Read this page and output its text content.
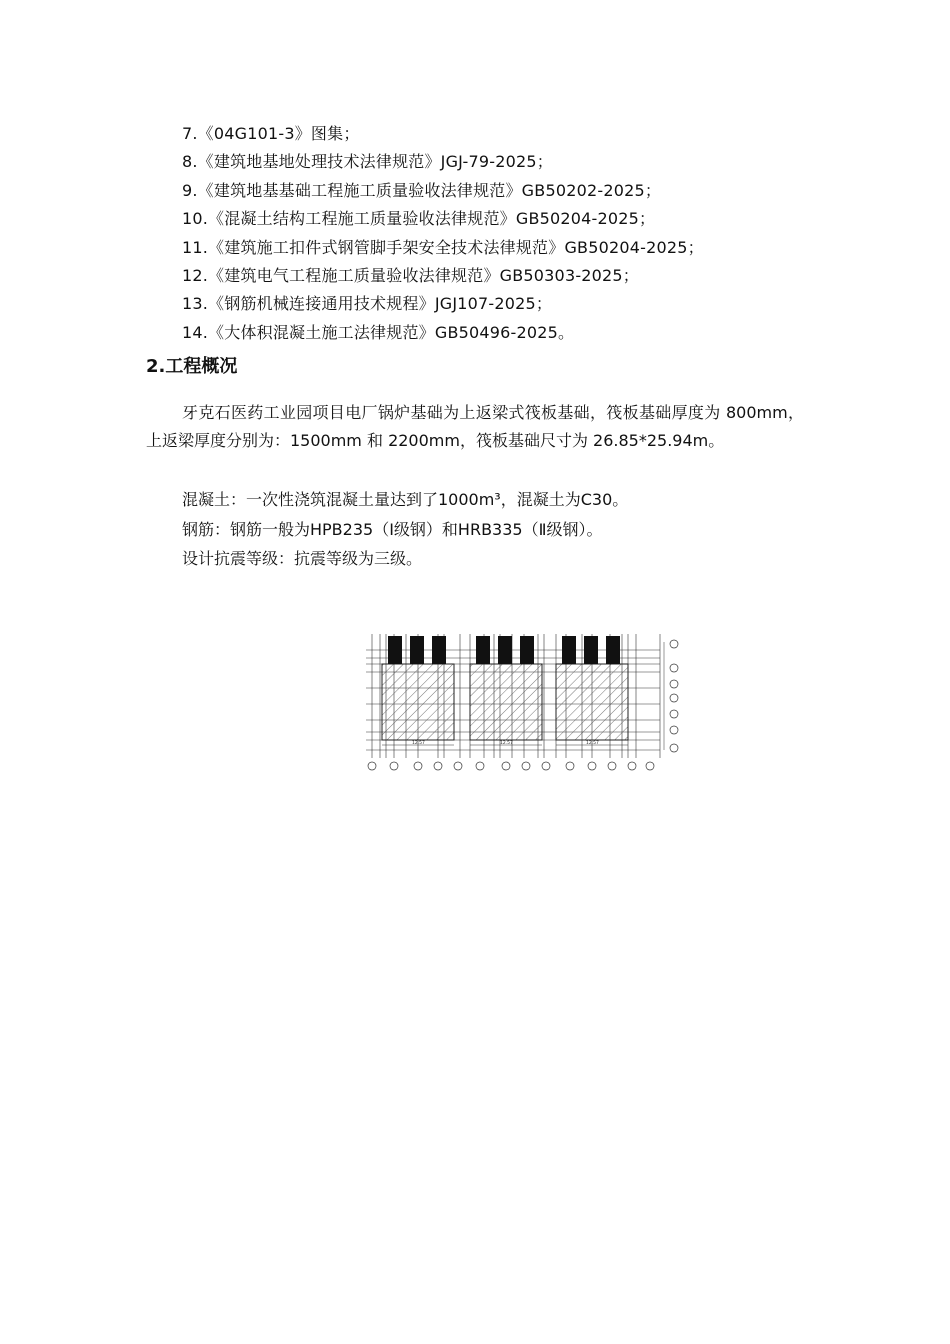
7.《04G101-3》图集；
8.《建筑地基地处理技术法律规范》JGJ-79-2025；
9.《建筑地基基础工程施工质量验收法律规范》GB50202-2025；
10.《混凝土结构工程施工质量验收法律规范》GB50204-2025；
11.《建筑施工扣件式钢管脚手架安全技术法律规范》GB50204-2025；
12.《建筑电气工程施工质量验收法律规范》GB50303-2025；
13.《钢筋机械连接通用技术规程》JGJ107-2025；
14.《大体积混凝土施工法律规范》GB50496-2025。
2.工程概况

牙克石医药工业园项目电厂锅炉基础为上返梁式筏板基础，筏板基础厚度为 800mm，上返梁厚度分别为：1500mm 和 2200mm，筏板基础尺寸为 26.85*25.94m。

混凝土：一次性浇筑混凝土量达到了1000m³，混凝土为C30。

钢筋：钢筋一般为HPB235（Ⅰ级钢）和HRB335（Ⅱ级钢）。

设计抗震等级：抗震等级为三级。

12.57	12.57	12.57
